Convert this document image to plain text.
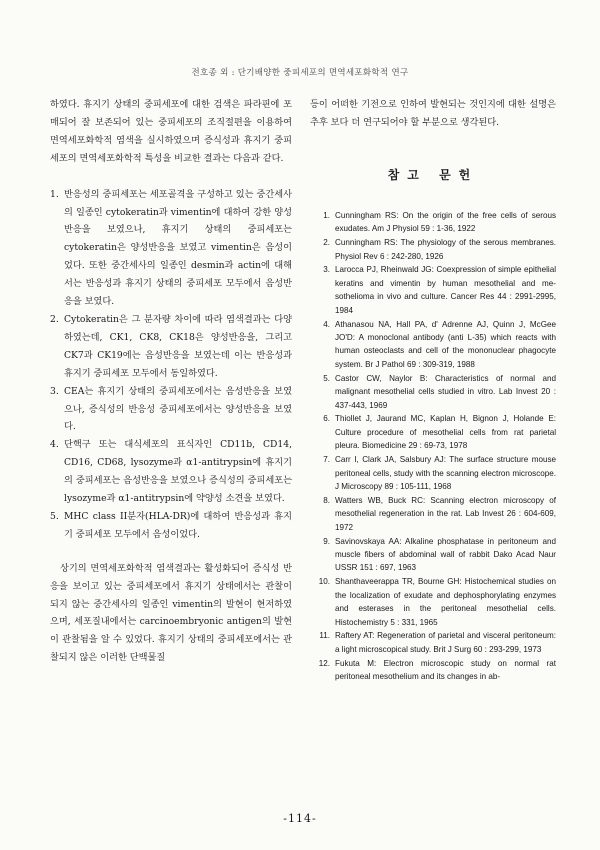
전호종 외 : 단기배양한 중피세포의 면역세포화학적 연구

하였다. 휴지기 상태의 중피세포에 대한 검색은 파라핀에 포매되어 잘 보존되어 있는 중피세포의 조직절편을 이용하여 면역세포화학적 염색을 실시하였으며 증식성과 휴지기 중피세포의 면역세포화학적 특성을 비교한 결과는 다음과 같다.

1. 반응성의 중피세포는 세포골격을 구성하고 있는 중간세사의 일종인 cytokeratin과 vimentin에 대하여 강한 양성반응을 보였으나, 휴지기 상태의 중피세포는 cytokeratin은 양성반응을 보였고 vimentin은 음성이었다. 또한 중간세사의 일종인 desmin과 actin에 대해서는 반응성과 휴지기 상태의 중피세포 모두에서 음성반응을 보였다.
2. Cytokeratin은 그 분자량 차이에 따라 염색결과는 다양하였는데, CK1, CK8, CK18은 양성반응을, 그리고 CK7과 CK19에는 음성반응을 보였는데 이는 반응성과 휴지기 중피세포 모두에서 동일하였다.
3. CEA는 휴지기 상태의 중피세포에서는 음성반응을 보였으나, 증식성의 반응성 중피세포에서는 양성반응을 보였다.
4. 단핵구 또는 대식세포의 표식자인 CD11b, CD14, CD16, CD68, lysozyme과 α1-antitrypsin에 휴지기의 중피세포는 음성반응을 보였으나 증식성의 중피세포는 lysozyme과 α1-antitrypsin에 약양성 소견을 보였다.
5. MHC class II분자(HLA-DR)에 대하여 반응성과 휴지기 중피세포 모두에서 음성이었다.

상기의 면역세포화학적 염색결과는 활성화되어 증식성 반응을 보이고 있는 중피세포에서 휴지기 상태에서는 관찰이 되지 않는 중간세사의 일종인 vimentin의 발현이 현저하였으며, 세포질내에서는 carcinoembryonic antigen의 발현이 관찰됨을 알 수 있었다. 휴지기 상태의 중피세포에서는 관찰되지 않은 이러한 단백물질

등이 어떠한 기전으로 인하여 발현되는 것인지에 대한 설명은 추후 보다 더 연구되어야 할 부분으로 생각된다.

참고 문헌
1. Cunningham RS: On the origin of the free cells of serous exudates. Am J Physiol 59 : 1-36, 1922
2. Cunningham RS: The physiology of the serous membranes. Physiol Rev 6 : 242-280, 1926
3. Larocca PJ, Rheinwald JG: Coexpression of simple epithelial keratins and vimentin by human mesothelial and me- sothelioma in vivo and culture. Cancer Res 44 : 2991-2995, 1984
4. Athanasou NA, Hall PA, d' Adrenne AJ, Quinn J, McGee JO'D: A monoclonal antibody (anti L-35) which reacts with human osteoclasts and cell of the mononuclear phagocyte system. Br J Pathol 69 : 309-319, 1988
5. Castor CW, Naylor B: Characteristics of normal and malignant mesothelial cells studied in vitro. Lab Invest 20 : 437-443, 1969
6. Thiollet J, Jaurand MC, Kaplan H, Bignon J, Holande E: Culture procedure of mesothelial cells from rat parietal pleura. Biomedicine 29 : 69-73, 1978
7. Carr I, Clark JA, Salsbury AJ: The surface structure mouse peritoneal cells, study with the scanning electron microscope. J Microscopy 89 : 105-111, 1968
8. Watters WB, Buck RC: Scanning electron microscopy of mesothelial regeneration in the rat. Lab Invest 26 : 604-609, 1972
9. Savinovskaya AA: Alkaline phosphatase in peritoneum and muscle fibers of abdominal wall of rabbit Dako Acad Naur USSR 151 : 697, 1963
10. Shanthaveerappa TR, Bourne GH: Histochemical studies on the localization of exudate and dephosphorylating enzymes and esterases in the peritoneal mesothelial cells. Histochemistry 5 : 331, 1965
11. Raftery AT: Regeneration of parietal and visceral peritoneum: a light microscopical study. Brit J Surg 60 : 293-299, 1973
12. Fukuta M: Electron microscopic study on normal rat peritoneal mesothelium and its changes in ab-
-114-
